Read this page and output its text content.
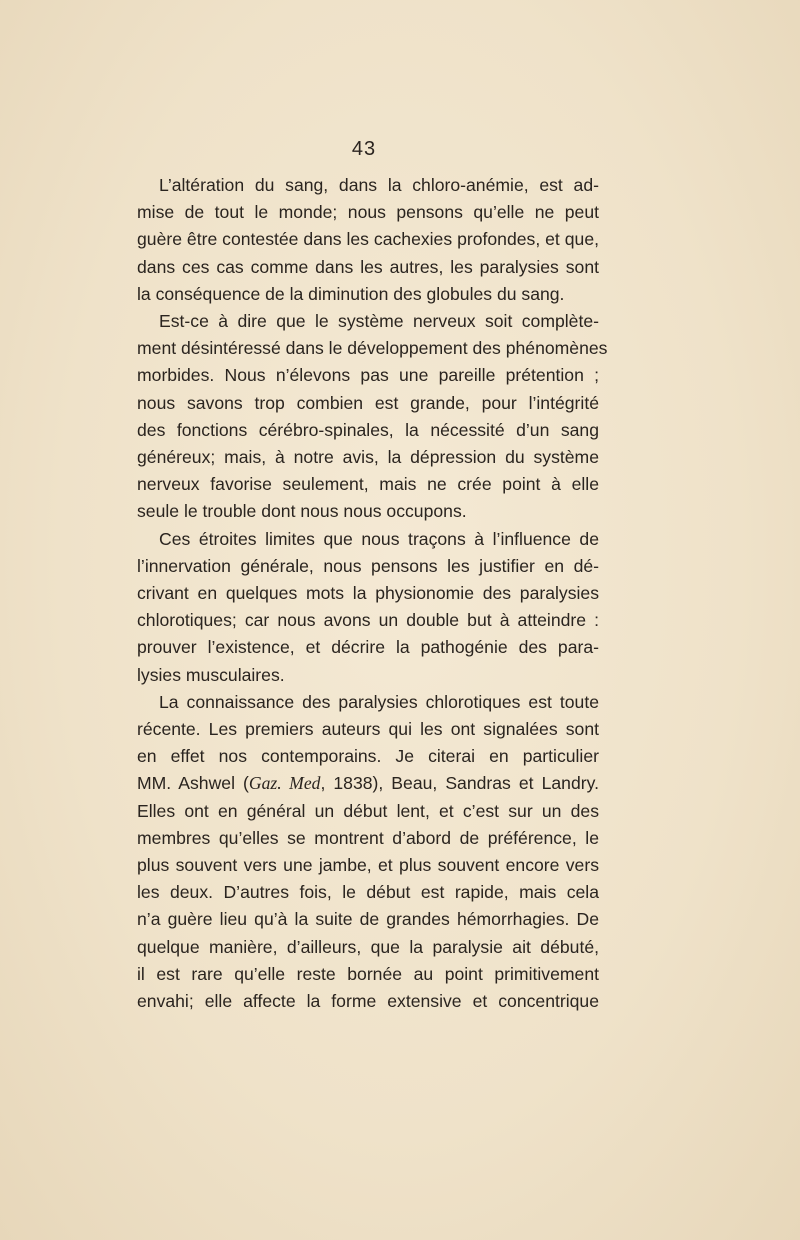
43

L’altération du sang, dans la chloro-anémie, est ad-
mise de tout le monde; nous pensons qu’elle ne peut
guère être contestée dans les cachexies profondes, et que,
dans ces cas comme dans les autres, les paralysies sont
la conséquence de la diminution des globules du sang.

Est-ce à dire que le système nerveux soit complète-
ment désintéressé dans le développement des phénomènes
morbides. Nous n’élevons pas une pareille prétention ;
nous savons trop combien est grande, pour l’intégrité
des fonctions cérébro-spinales, la nécessité d’un sang
généreux; mais, à notre avis, la dépression du système
nerveux favorise seulement, mais ne crée point à elle
seule le trouble dont nous nous occupons.

Ces étroites limites que nous traçons à l’influence de
l’innervation générale, nous pensons les justifier en dé-
crivant en quelques mots la physionomie des paralysies
chlorotiques; car nous avons un double but à atteindre :
prouver l’existence, et décrire la pathogénie des para-
lysies musculaires.

La connaissance des paralysies chlorotiques est toute
récente. Les premiers auteurs qui les ont signalées sont
en effet nos contemporains. Je citerai en particulier
MM. Ashwel (Gaz. Med, 1838), Beau, Sandras et Landry.
Elles ont en général un début lent, et c’est sur un des
membres qu’elles se montrent d’abord de préférence, le
plus souvent vers une jambe, et plus souvent encore vers
les deux. D’autres fois, le début est rapide, mais cela
n’a guère lieu qu’à la suite de grandes hémorrhagies. De
quelque manière, d’ailleurs, que la paralysie ait débuté,
il est rare qu’elle reste bornée au point primitivement
envahi; elle affecte la forme extensive et concentrique
